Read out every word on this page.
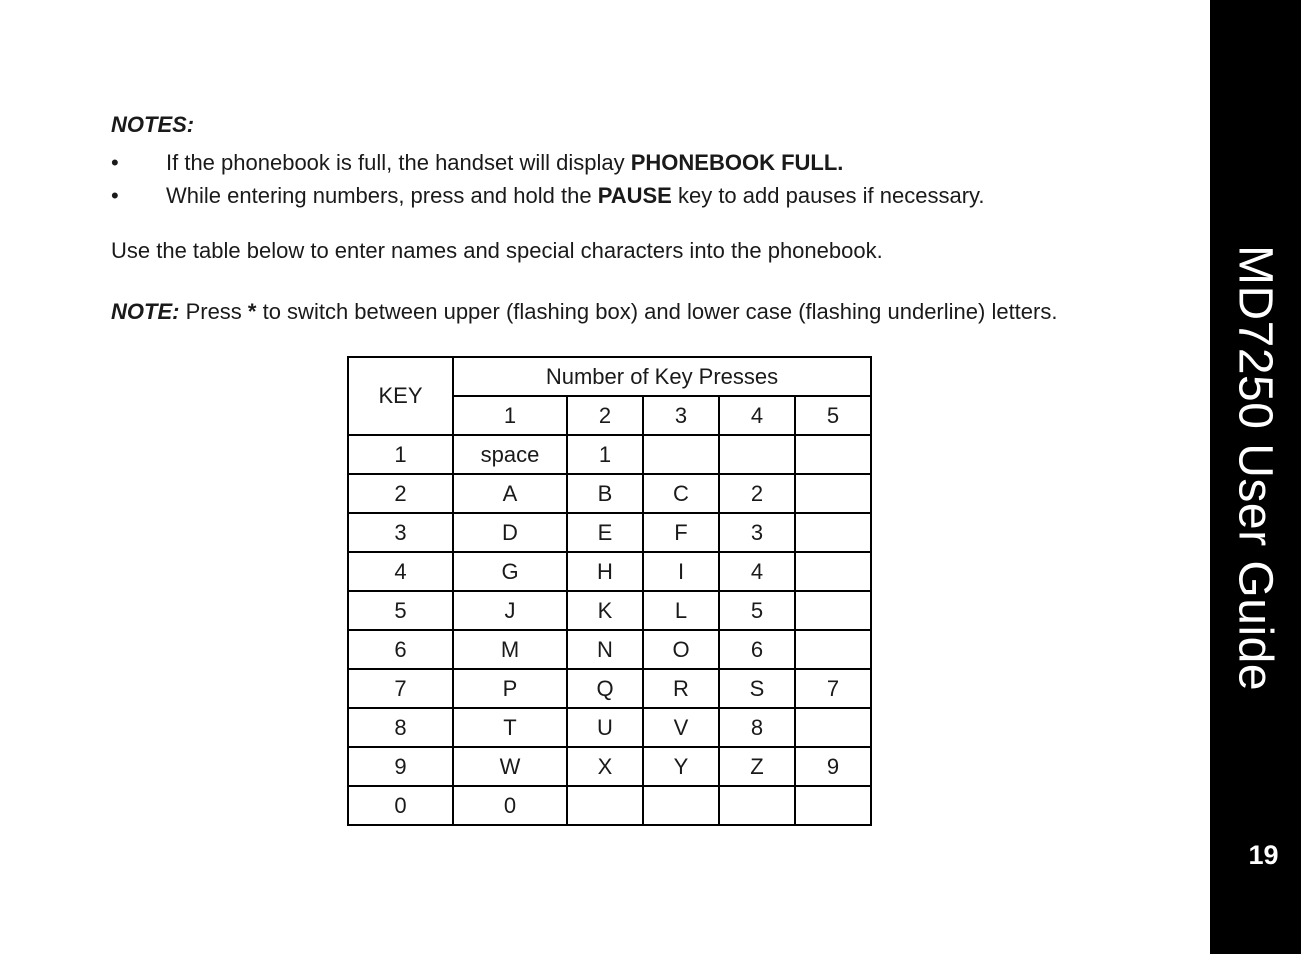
NOTES:

• If the phonebook is full, the handset will display PHONEBOOK FULL.
• While entering numbers, press and hold the PAUSE key to add pauses if necessary.

Use the table below to enter names and special characters into the phonebook.

NOTE: Press * to switch between upper (flashing box) and lower case (flashing underline) letters.

KEY	Number of Key Presses				
	1	2	3	4	5
1	space	1			
2	A	B	C	2	
3	D	E	F	3	
4	G	H	I	4	
5	J	K	L	5	
6	M	N	O	6	
7	P	Q	R	S	7
8	T	U	V	8	
9	W	X	Y	Z	9
0	0				
MD7250 User Guide
19
